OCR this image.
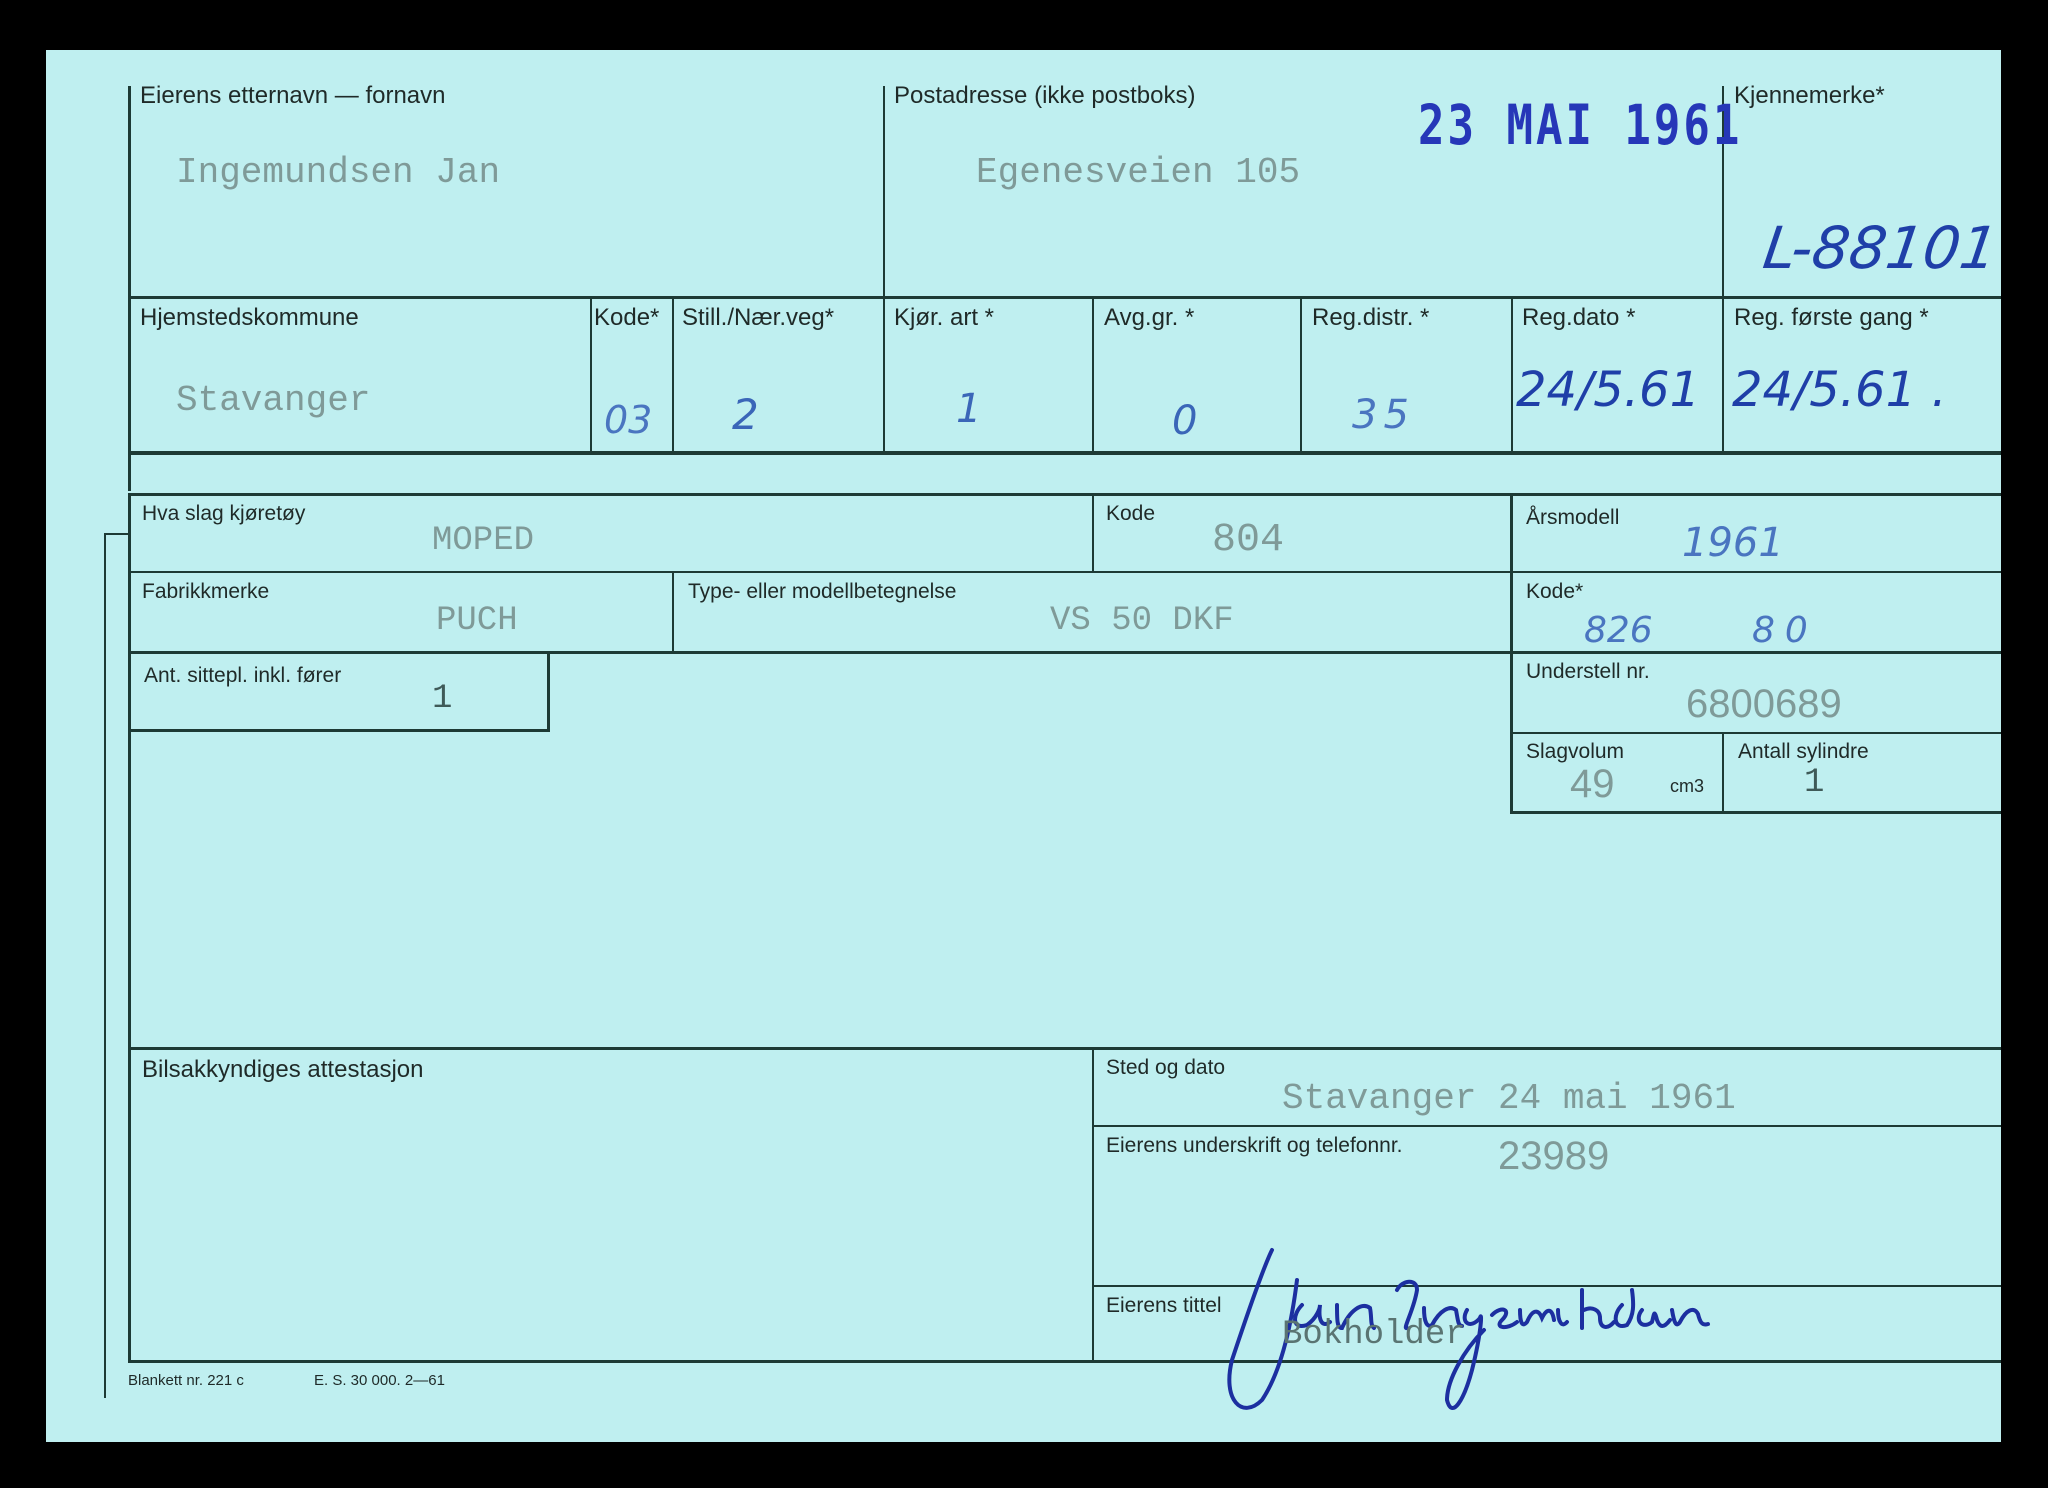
Eierens etternavn — fornavn
Ingemundsen Jan
Postadresse (ikke postboks)
Egenesveien 105
23 MAI 1961
Kjennemerke*
L-88101
Hjemstedskommune
Stavanger
Kode*
03
Still./Nær.veg*
2
Kjør. art *
1
Avg.gr. *
0
Reg.distr. *
35
Reg.dato *
24/5.61
Reg. første gang *
24/5.61 .
Hva slag kjøretøy
MOPED
Kode
804
Årsmodell
1961
Fabrikkmerke
PUCH
Type- eller modellbetegnelse
VS 50 DKF
Kode*
826	80
Ant. sittepl. inkl. fører
1
Understell nr.
6800689
Slagvolum
49	cm3
Antall sylindre
1
Bilsakkyndiges attestasjon	Sted og dato
Stavanger 24 mai 1961
Eierens underskrift og telefonnr. 23989
Eierens tittel
Bokholder
Blankett nr. 221 c	E. S. 30 000. 2—61
